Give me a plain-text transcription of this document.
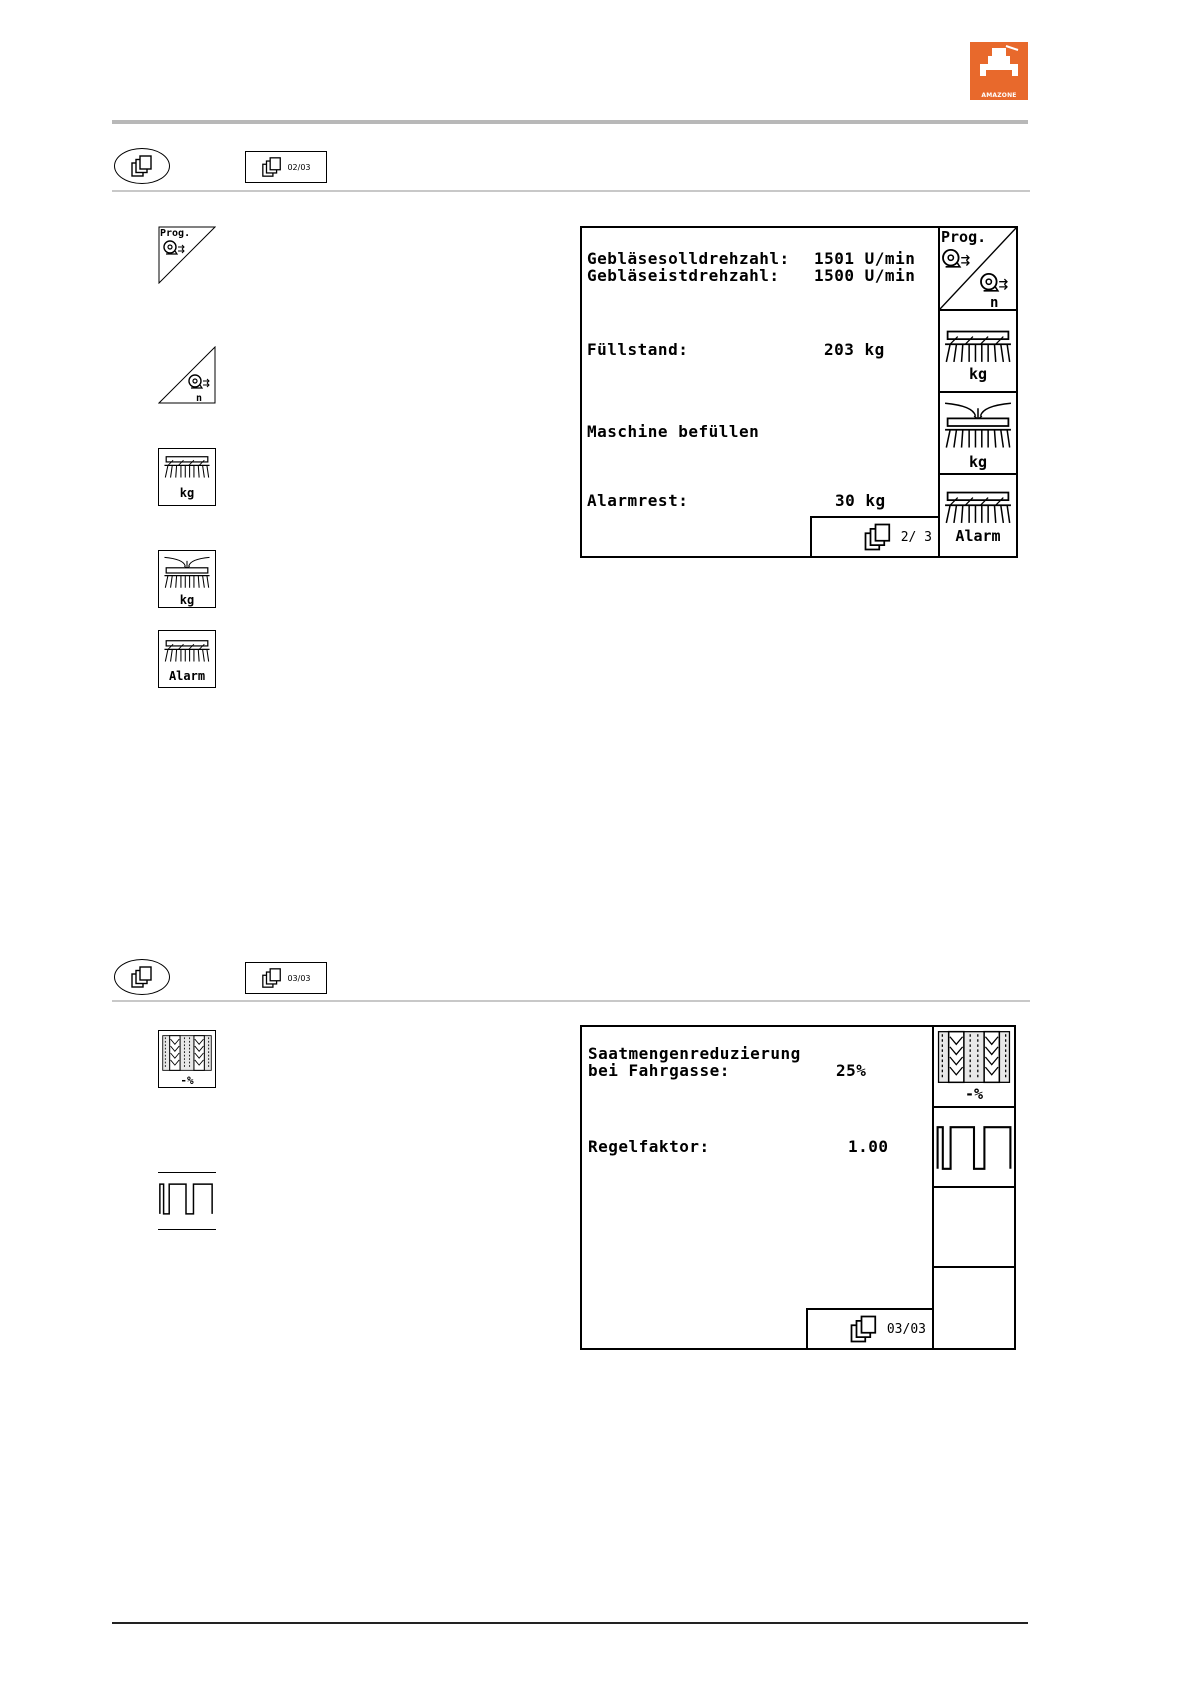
AMAZONE
02/03
Prog.
n
kg
kg
Alarm
Gebläsesolldrehzahl: 1501 U/min
Gebläseistdrehzahl: 1500 U/min
Füllstand:	203 kg
Maschine befüllen
Alarmrest:	30 kg
2/ 3
Prog.
n
kg
kg
Alarm
03/03
-%
Saatmengenreduzierung
bei Fahrgasse:	25%
Regelfaktor:	1.00
03/03
-%
